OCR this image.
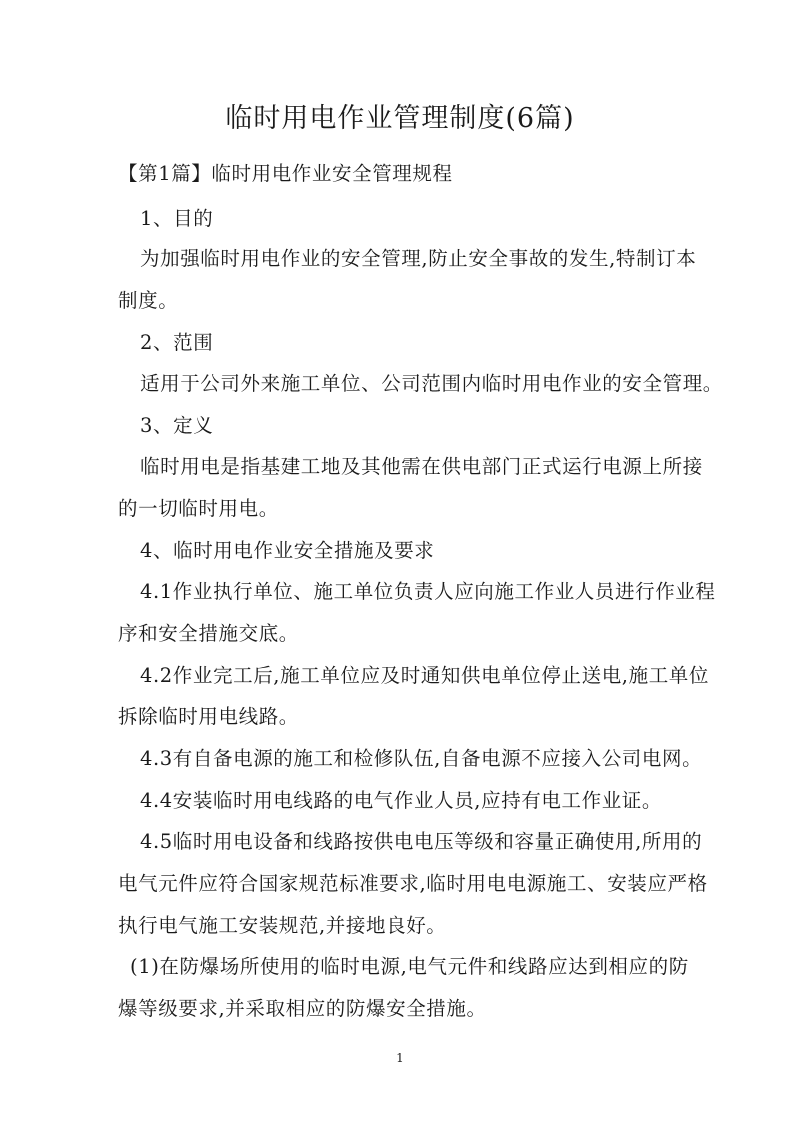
临时用电作业管理制度(6篇)
【第1篇】临时用电作业安全管理规程
1、目的
为加强临时用电作业的安全管理,防止安全事故的发生,特制订本
制度。
2、范围
适用于公司外来施工单位、公司范围内临时用电作业的安全管理。
3、定义
临时用电是指基建工地及其他需在供电部门正式运行电源上所接
的一切临时用电。
4、临时用电作业安全措施及要求
4.1作业执行单位、施工单位负责人应向施工作业人员进行作业程
序和安全措施交底。
4.2作业完工后,施工单位应及时通知供电单位停止送电,施工单位
拆除临时用电线路。
4.3有自备电源的施工和检修队伍,自备电源不应接入公司电网。
4.4安装临时用电线路的电气作业人员,应持有电工作业证。
4.5临时用电设备和线路按供电电压等级和容量正确使用,所用的
电气元件应符合国家规范标准要求,临时用电电源施工、安装应严格
执行电气施工安装规范,并接地良好。
(1)在防爆场所使用的临时电源,电气元件和线路应达到相应的防
爆等级要求,并采取相应的防爆安全措施。
1
